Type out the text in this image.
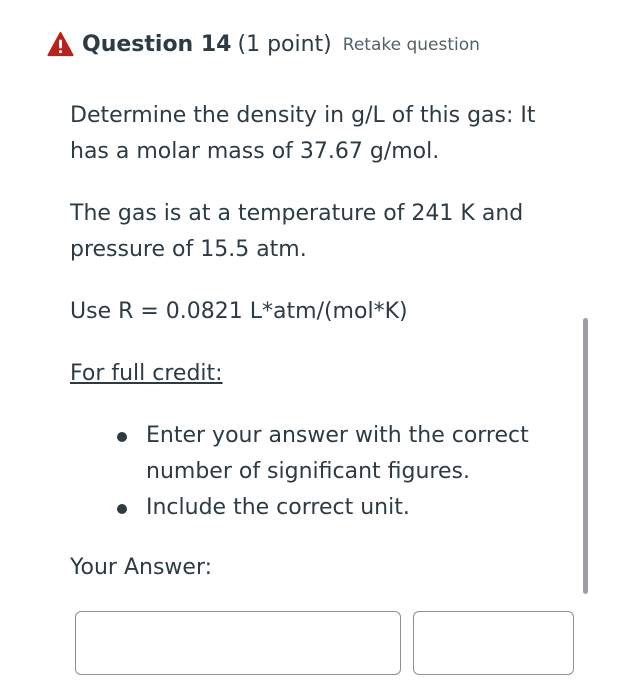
Question 14 (1 point) Retake question
Determine the density in g/L of this gas: It has a molar mass of 37.67 g/mol.
The gas is at a temperature of 241 K and pressure of 15.5 atm.
Use R = 0.0821 L*atm/(mol*K)
For full credit:
Enter your answer with the correct number of significant figures.
Include the correct unit.
Your Answer:
